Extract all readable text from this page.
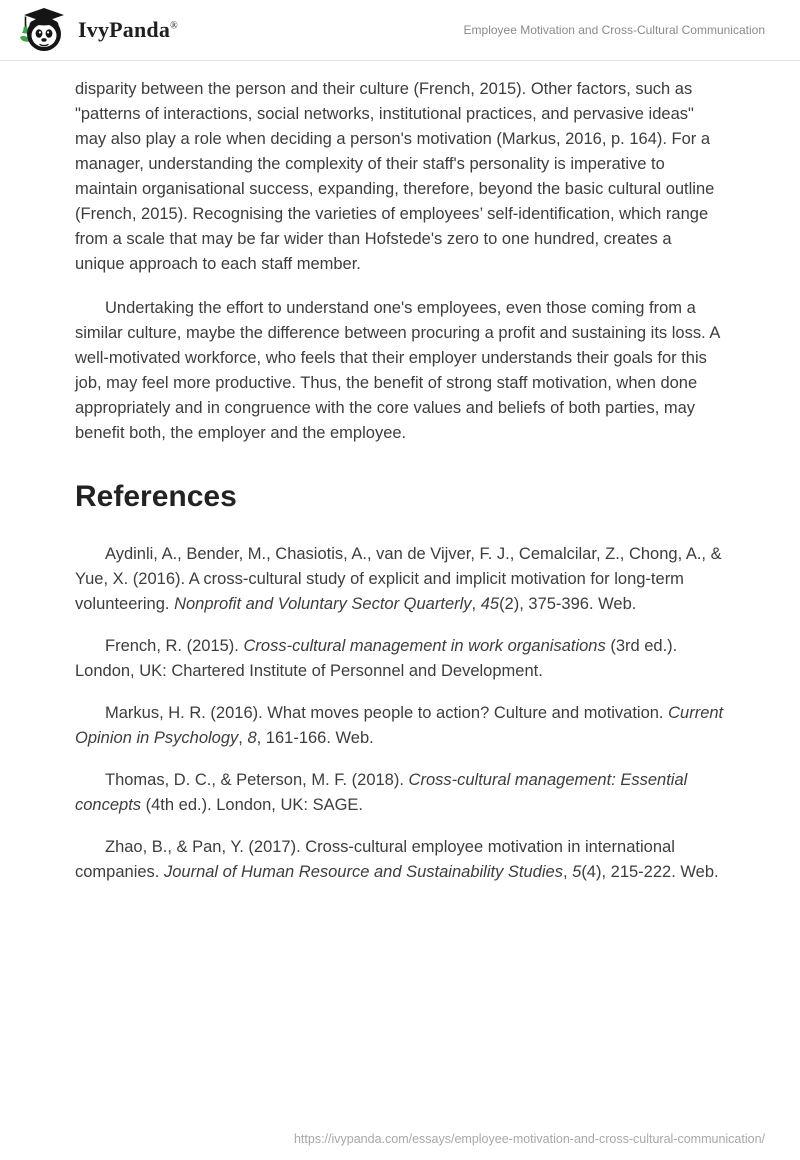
IvyPanda®	Employee Motivation and Cross-Cultural Communication

disparity between the person and their culture (French, 2015). Other factors, such as "patterns of interactions, social networks, institutional practices, and pervasive ideas" may also play a role when deciding a person's motivation (Markus, 2016, p. 164). For a manager, understanding the complexity of their staff's personality is imperative to maintain organisational success, expanding, therefore, beyond the basic cultural outline (French, 2015). Recognising the varieties of employees’ self-identification, which range from a scale that may be far wider than Hofstede's zero to one hundred, creates a unique approach to each staff member.

Undertaking the effort to understand one's employees, even those coming from a similar culture, maybe the difference between procuring a profit and sustaining its loss. A well-motivated workforce, who feels that their employer understands their goals for this job, may feel more productive. Thus, the benefit of strong staff motivation, when done appropriately and in congruence with the core values and beliefs of both parties, may benefit both, the employer and the employee.

References

Aydinli, A., Bender, M., Chasiotis, A., van de Vijver, F. J., Cemalcilar, Z., Chong, A., & Yue, X. (2016). A cross-cultural study of explicit and implicit motivation for long-term volunteering. Nonprofit and Voluntary Sector Quarterly, 45(2), 375-396. Web.

French, R. (2015). Cross-cultural management in work organisations (3rd ed.). London, UK: Chartered Institute of Personnel and Development.

Markus, H. R. (2016). What moves people to action? Culture and motivation. Current Opinion in Psychology, 8, 161-166. Web.

Thomas, D. C., & Peterson, M. F. (2018). Cross-cultural management: Essential concepts (4th ed.). London, UK: SAGE.

Zhao, B., & Pan, Y. (2017). Cross-cultural employee motivation in international companies. Journal of Human Resource and Sustainability Studies, 5(4), 215-222. Web.

https://ivypanda.com/essays/employee-motivation-and-cross-cultural-communication/
